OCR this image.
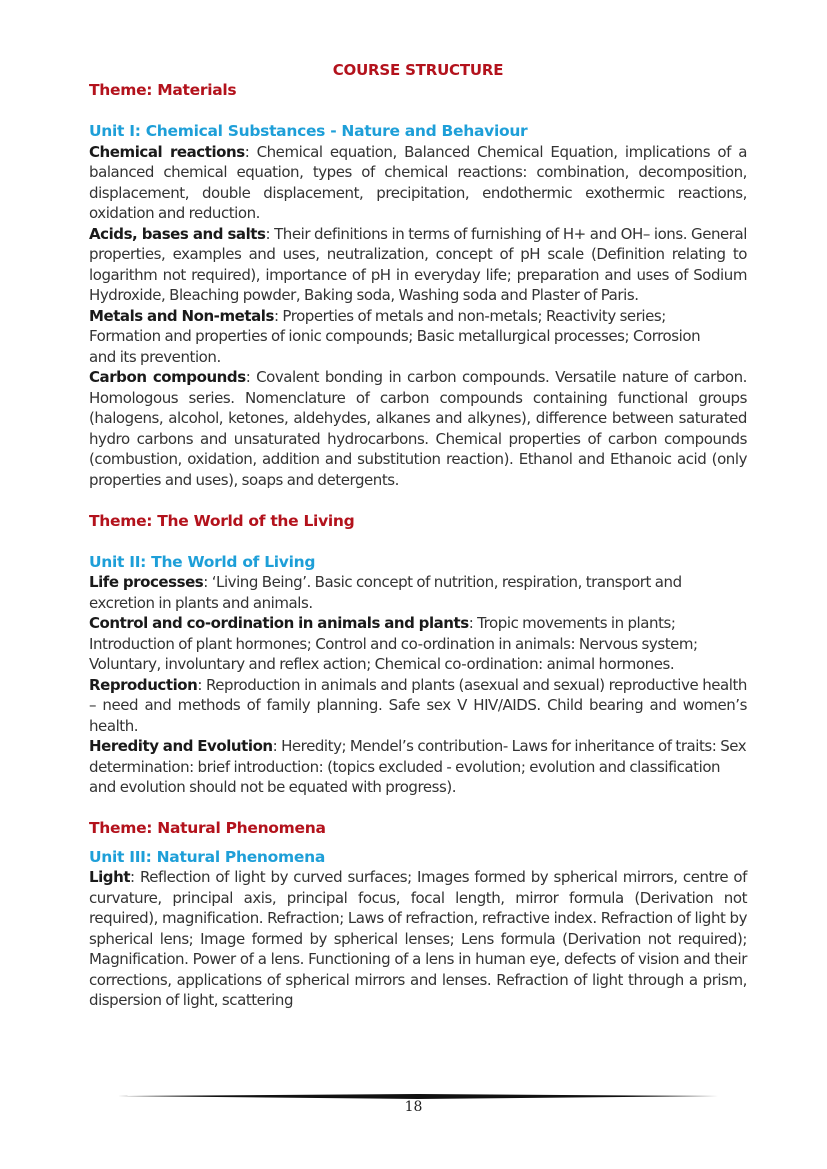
COURSE STRUCTURE
Theme: Materials
Unit I: Chemical Substances - Nature and Behaviour

Chemical reactions: Chemical equation, Balanced Chemical Equation, implications of a balanced chemical equation, types of chemical reactions: combination, decomposition, displacement, double displacement, precipitation, endothermic exothermic reactions, oxidation and reduction.

Acids, bases and salts: Their definitions in terms of furnishing of H+ and OH– ions. General properties, examples and uses, neutralization, concept of pH scale (Definition relating to logarithm not required), importance of pH in everyday life; preparation and uses of Sodium Hydroxide, Bleaching powder, Baking soda, Washing soda and Plaster of Paris.

Metals and Non-metals: Properties of metals and non-metals; Reactivity series; Formation and properties of ionic compounds; Basic metallurgical processes; Corrosion and its prevention.

Carbon compounds: Covalent bonding in carbon compounds. Versatile nature of carbon. Homologous series. Nomenclature of carbon compounds containing functional groups (halogens, alcohol, ketones, aldehydes, alkanes and alkynes), difference between saturated hydro carbons and unsaturated hydrocarbons. Chemical properties of carbon compounds (combustion, oxidation, addition and substitution reaction). Ethanol and Ethanoic acid (only properties and uses), soaps and detergents.

Theme: The World of the Living
Unit II: The World of Living

Life processes: ‘Living Being’. Basic concept of nutrition, respiration, transport and excretion in plants and animals.

Control and co-ordination in animals and plants: Tropic movements in plants; Introduction of plant hormones; Control and co-ordination in animals: Nervous system; Voluntary, involuntary and reflex action; Chemical co-ordination: animal hormones.

Reproduction: Reproduction in animals and plants (asexual and sexual) reproductive health – need and methods of family planning. Safe sex V HIV/AIDS. Child bearing and women’s health.

Heredity and Evolution: Heredity; Mendel’s contribution- Laws for inheritance of traits: Sex determination: brief introduction: (topics excluded - evolution; evolution and classification and evolution should not be equated with progress).

Theme: Natural Phenomena
Unit III: Natural Phenomena

Light: Reflection of light by curved surfaces; Images formed by spherical mirrors, centre of curvature, principal axis, principal focus, focal length, mirror formula (Derivation not required), magnification. Refraction; Laws of refraction, refractive index. Refraction of light by spherical lens; Image formed by spherical lenses; Lens formula (Derivation not required); Magnification. Power of a lens. Functioning of a lens in human eye, defects of vision and their corrections, applications of spherical mirrors and lenses. Refraction of light through a prism, dispersion of light, scattering

18
